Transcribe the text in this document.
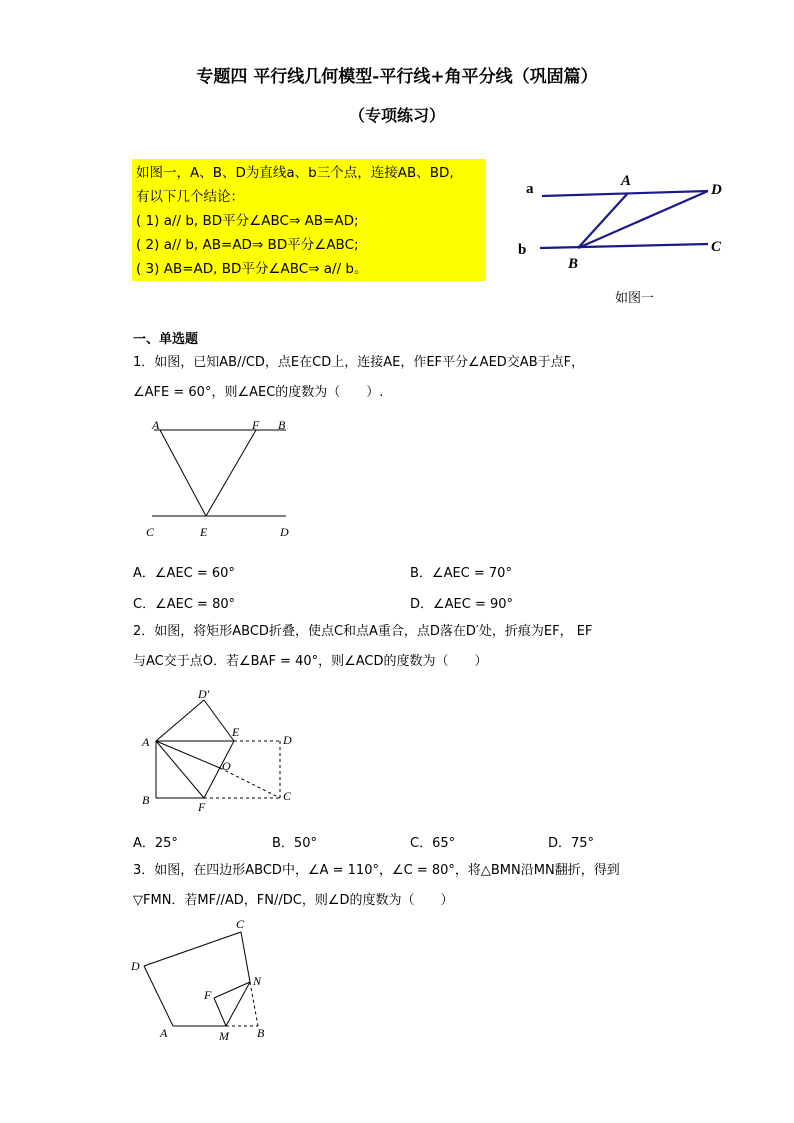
专题四 平行线几何模型-平行线+角平分线（巩固篇）
（专项练习）
如图一，A、B、D为直线a、b三个点，连接AB、BD,
有以下几个结论：
( 1) a// b, BD平分∠ABC⇒ AB=AD;
( 2) a// b, AB=AD⇒ BD平分∠ABC;
( 3) AB=AD, BD平分∠ABC⇒ a// b。
a
b
A
D
B
C
如图一
一、单选题
1．如图，已知AB//CD，点E在CD上，连接AE，作EF平分∠AED交AB于点F，
∠AFE = 60°，则∠AEC的度数为（　　）.
A	F B
C	E	D
A．∠AEC = 60°	B．∠AEC = 70°
C．∠AEC = 80°	D．∠AEC = 90°
2．如图，将矩形ABCD折叠，使点C和点A重合，点D落在D′处，折痕为EF， EF
与AC交于点O．若∠BAF = 40°，则∠ACD的度数为（　　）
D′
A
E
D
O
B	F
C
A．25°	B．50°	C．65°	D．75°
3．如图，在四边形ABCD中，∠A = 110°，∠C = 80°，将△BMN沿MN翻折，得到
▽FMN．若MF//AD，FN//DC，则∠D的度数为（　　）
C
D
N
F
A	M B
